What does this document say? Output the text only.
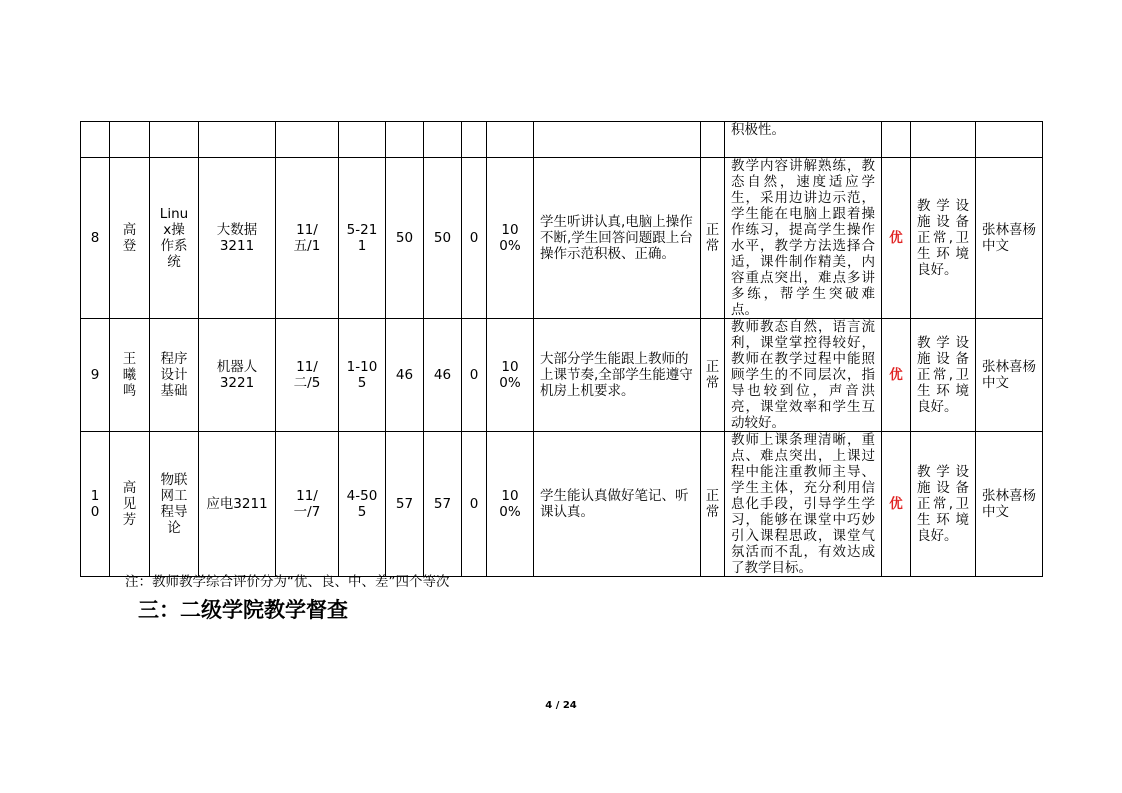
												积极性。			
8	高登	Linux操作系统	大数据3211	11/五/1	5-211	50	50	0	100%	学生听讲认真,电脑上操作不断,学生回答问题跟上台操作示范积极、正确。	正常	教学内容讲解熟练，教态自然，速度适应学生，采用边讲边示范，学生能在电脑上跟着操作练习，提高学生操作水平，教学方法选择合适，课件制作精美，内容重点突出，难点多讲多练，帮学生突破难点。	优	教学设施设备正常,卫生环境良好。	张林喜杨中文
9	王曦鸣	程序设计基础	机器人3221	11/二/5	1-105	46	46	0	100%	大部分学生能跟上教师的上课节奏,全部学生能遵守机房上机要求。	正常	教师教态自然，语言流利，课堂掌控得较好，教师在教学过程中能照顾学生的不同层次，指导也较到位，声音洪亮，课堂效率和学生互动较好。	优	教学设施设备正常,卫生环境良好。	张林喜杨中文
10	高见芳	物联网工程导论	应电3211	11/一/7	4-505	57	57	0	100%	学生能认真做好笔记、听课认真。	正常	教师上课条理清晰，重点、难点突出，上课过程中能注重教师主导、学生主体，充分利用信息化手段，引导学生学习，能够在课堂中巧妙引入课程思政，课堂气氛活而不乱，有效达成了教学目标。	优	教学设施设备正常,卫生环境良好。	张林喜杨中文
注：教师教学综合评价分为“优、良、中、差”四个等次
三：二级学院教学督查
4 / 24
